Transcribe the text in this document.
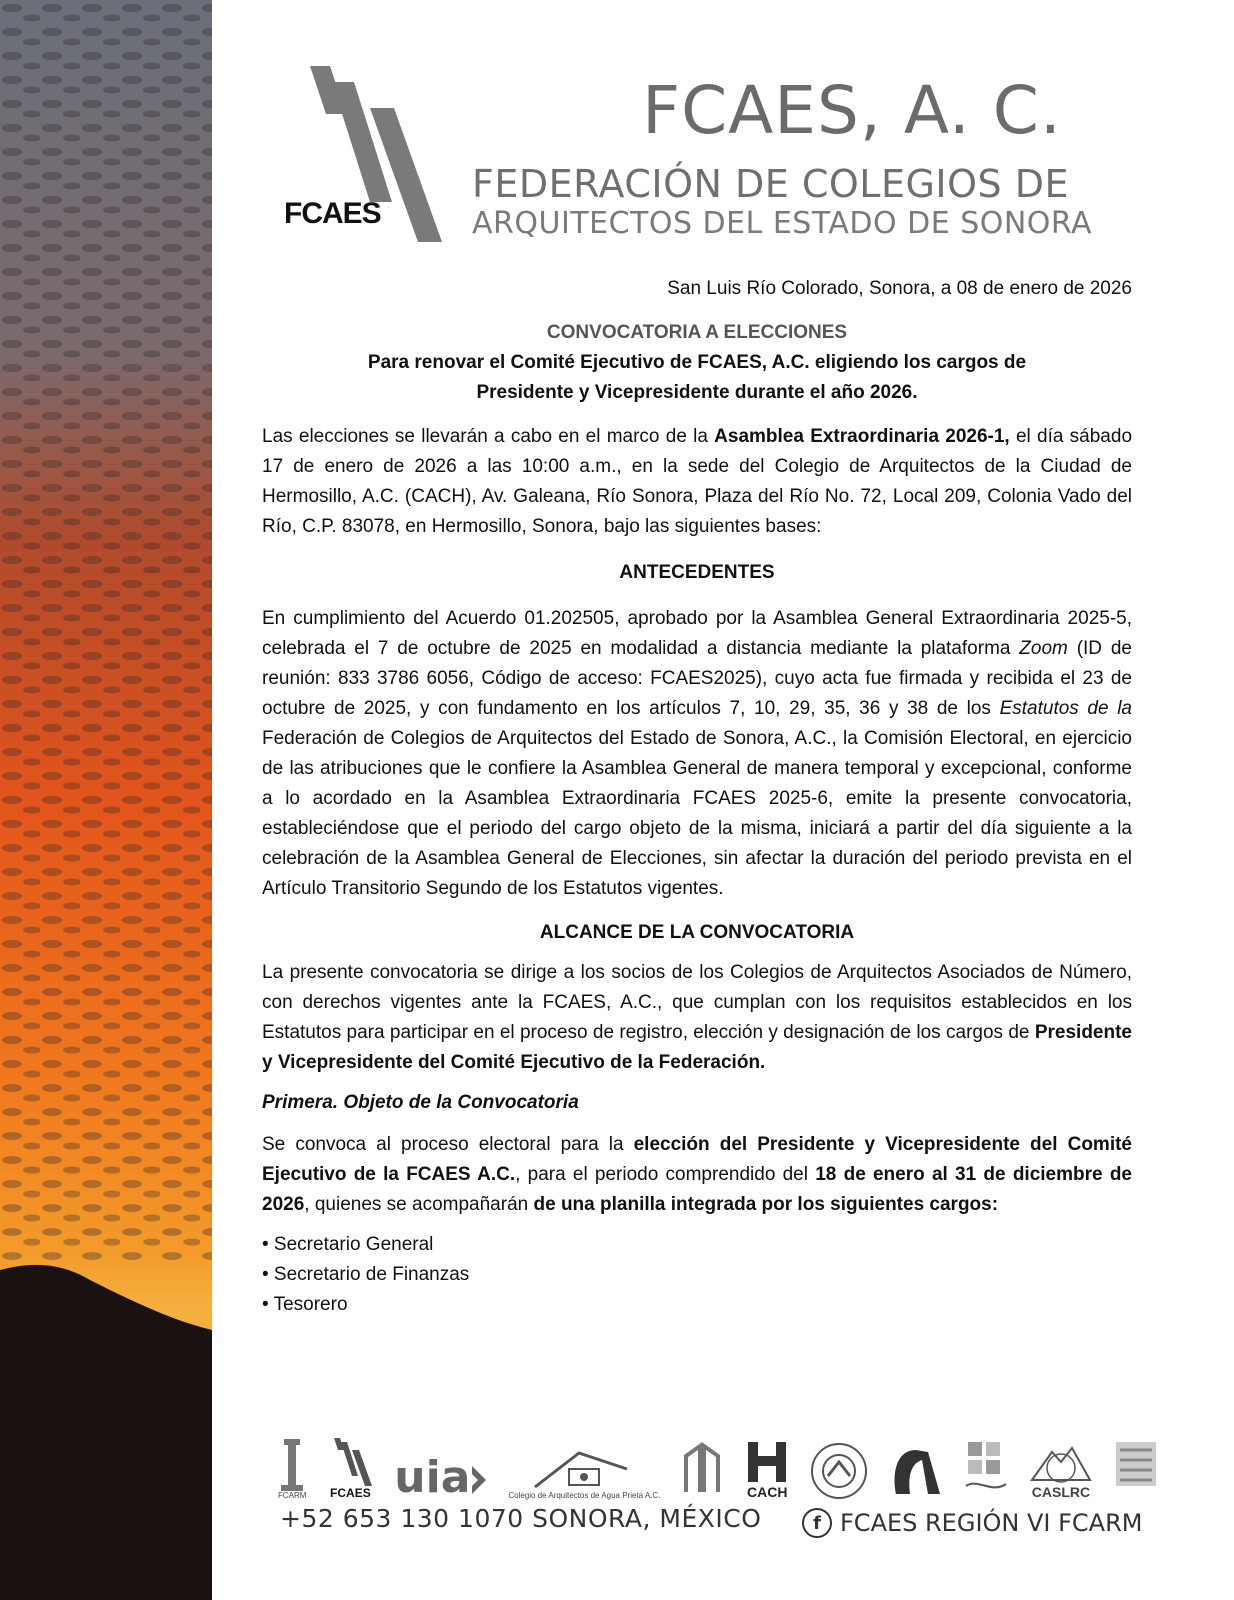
FCAES
FCAES, A. C.
FEDERACIÓN DE COLEGIOS DE
ARQUITECTOS DEL ESTADO DE SONORA
San Luis Río Colorado, Sonora, a 08 de enero de 2026
CONVOCATORIA A ELECCIONES
Para renovar el Comité Ejecutivo de FCAES, A.C. eligiendo los cargos de
Presidente y Vicepresidente durante el año 2026.

Las elecciones se llevarán a cabo en el marco de la Asamblea Extraordinaria 2026-1, el día sábado 17 de enero de 2026 a las 10:00 a.m., en la sede del Colegio de Arquitectos de la Ciudad de Hermosillo, A.C. (CACH), Av. Galeana, Río Sonora, Plaza del Río No. 72, Local 209, Colonia Vado del Río, C.P. 83078, en Hermosillo, Sonora, bajo las siguientes bases:

ANTECEDENTES

En cumplimiento del Acuerdo 01.202505, aprobado por la Asamblea General Extraordinaria 2025-5, celebrada el 7 de octubre de 2025 en modalidad a distancia mediante la plataforma Zoom (ID de reunión: 833 3786 6056, Código de acceso: FCAES2025), cuyo acta fue firmada y recibida el 23 de octubre de 2025, y con fundamento en los artículos 7, 10, 29, 35, 36 y 38 de los Estatutos de la Federación de Colegios de Arquitectos del Estado de Sonora, A.C., la Comisión Electoral, en ejercicio de las atribuciones que le confiere la Asamblea General de manera temporal y excepcional, conforme a lo acordado en la Asamblea Extraordinaria FCAES 2025-6, emite la presente convocatoria, estableciéndose que el periodo del cargo objeto de la misma, iniciará a partir del día siguiente a la celebración de la Asamblea General de Elecciones, sin afectar la duración del periodo prevista en el Artículo Transitorio Segundo de los Estatutos vigentes.

ALCANCE DE LA CONVOCATORIA

La presente convocatoria se dirige a los socios de los Colegios de Arquitectos Asociados de Número, con derechos vigentes ante la FCAES, A.C., que cumplan con los requisitos establecidos en los Estatutos para participar en el proceso de registro, elección y designación de los cargos de Presidente y Vicepresidente del Comité Ejecutivo de la Federación.

Primera. Objeto de la Convocatoria

Se convoca al proceso electoral para la elección del Presidente y Vicepresidente del Comité Ejecutivo de la FCAES A.C., para el periodo comprendido del 18 de enero al 31 de diciembre de 2026, quienes se acompañarán de una planilla integrada por los siguientes cargos:

• Secretario General
• Secretario de Finanzas
• Tesorero
FCARM FCAES uia	Colegio de Arquitectos de Agua Prieta A.C.	CACH	CASLRC
+52 653 130 1070 SONORA, MÉXICO	f FCAES REGIÓN VI FCARM
